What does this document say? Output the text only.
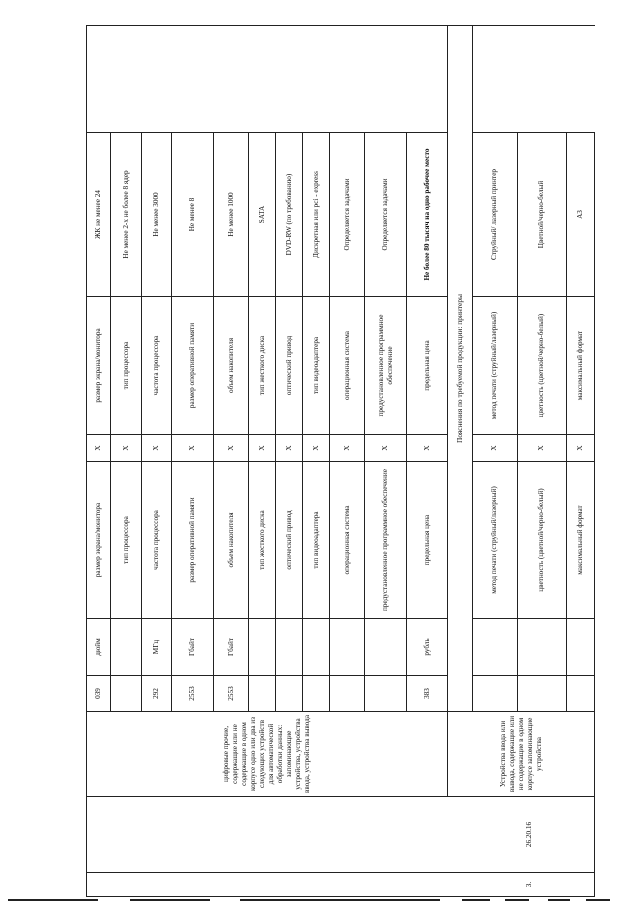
3.	26.20.16	цифровые прочие, содержащие или не содержащие в одном корпусе одно или два из следующих устройств для автоматической обработки данных: запоминающие устройства, устройства ввода, устройства вывода	039	дюйм	размер экрана/монитора	Х	размер экрана/монитора	ЖК не менее 24		
					тип процессора	Х	тип процессора	Не менее 2-х не более 8 ядер		
			292	МГц	частота процессора	Х	частота процессора	Не менее 3000		
			2553	Гбайт	размер оперативной памяти	Х	размер оперативной памяти	Не менее 8		
			2553	Гбайт	объем накопителя	Х	объем накопителя	Не менее 1000		
					тип жесткого диска	Х	тип жесткого диска	SATA		
					оптический привод	Х	оптический привод	DVD-RW (по требованию)		
					тип видеоадаптера	Х	тип видеоадаптера	Дискретная или pci - express		
					операционная система	Х	операционная система	Определяется задачами		
					предустановленное программное обеспечение	Х	предустановленное программное обеспечение	Определяется задачами		
			383	рубль	предельная цена	Х	предельная цена	Не более 80 тысяч на одно рабочее место		
		Устройства ввода или вывода, содержащие или не содержащие в одном корпусе запоминающие устройства	Пояснения по требуемой продукции: принтеры							
					метод печати (струйный/лазерный)	Х	метод печати (струйный/лазерный)	Струйный/ лазерный принтер		
					цветность (цветной/черно-белый)	Х	цветность (цветной/черно-белый)	Цветной/черно-белый		
					максимальный формат	Х	максимальный формат	А3		
